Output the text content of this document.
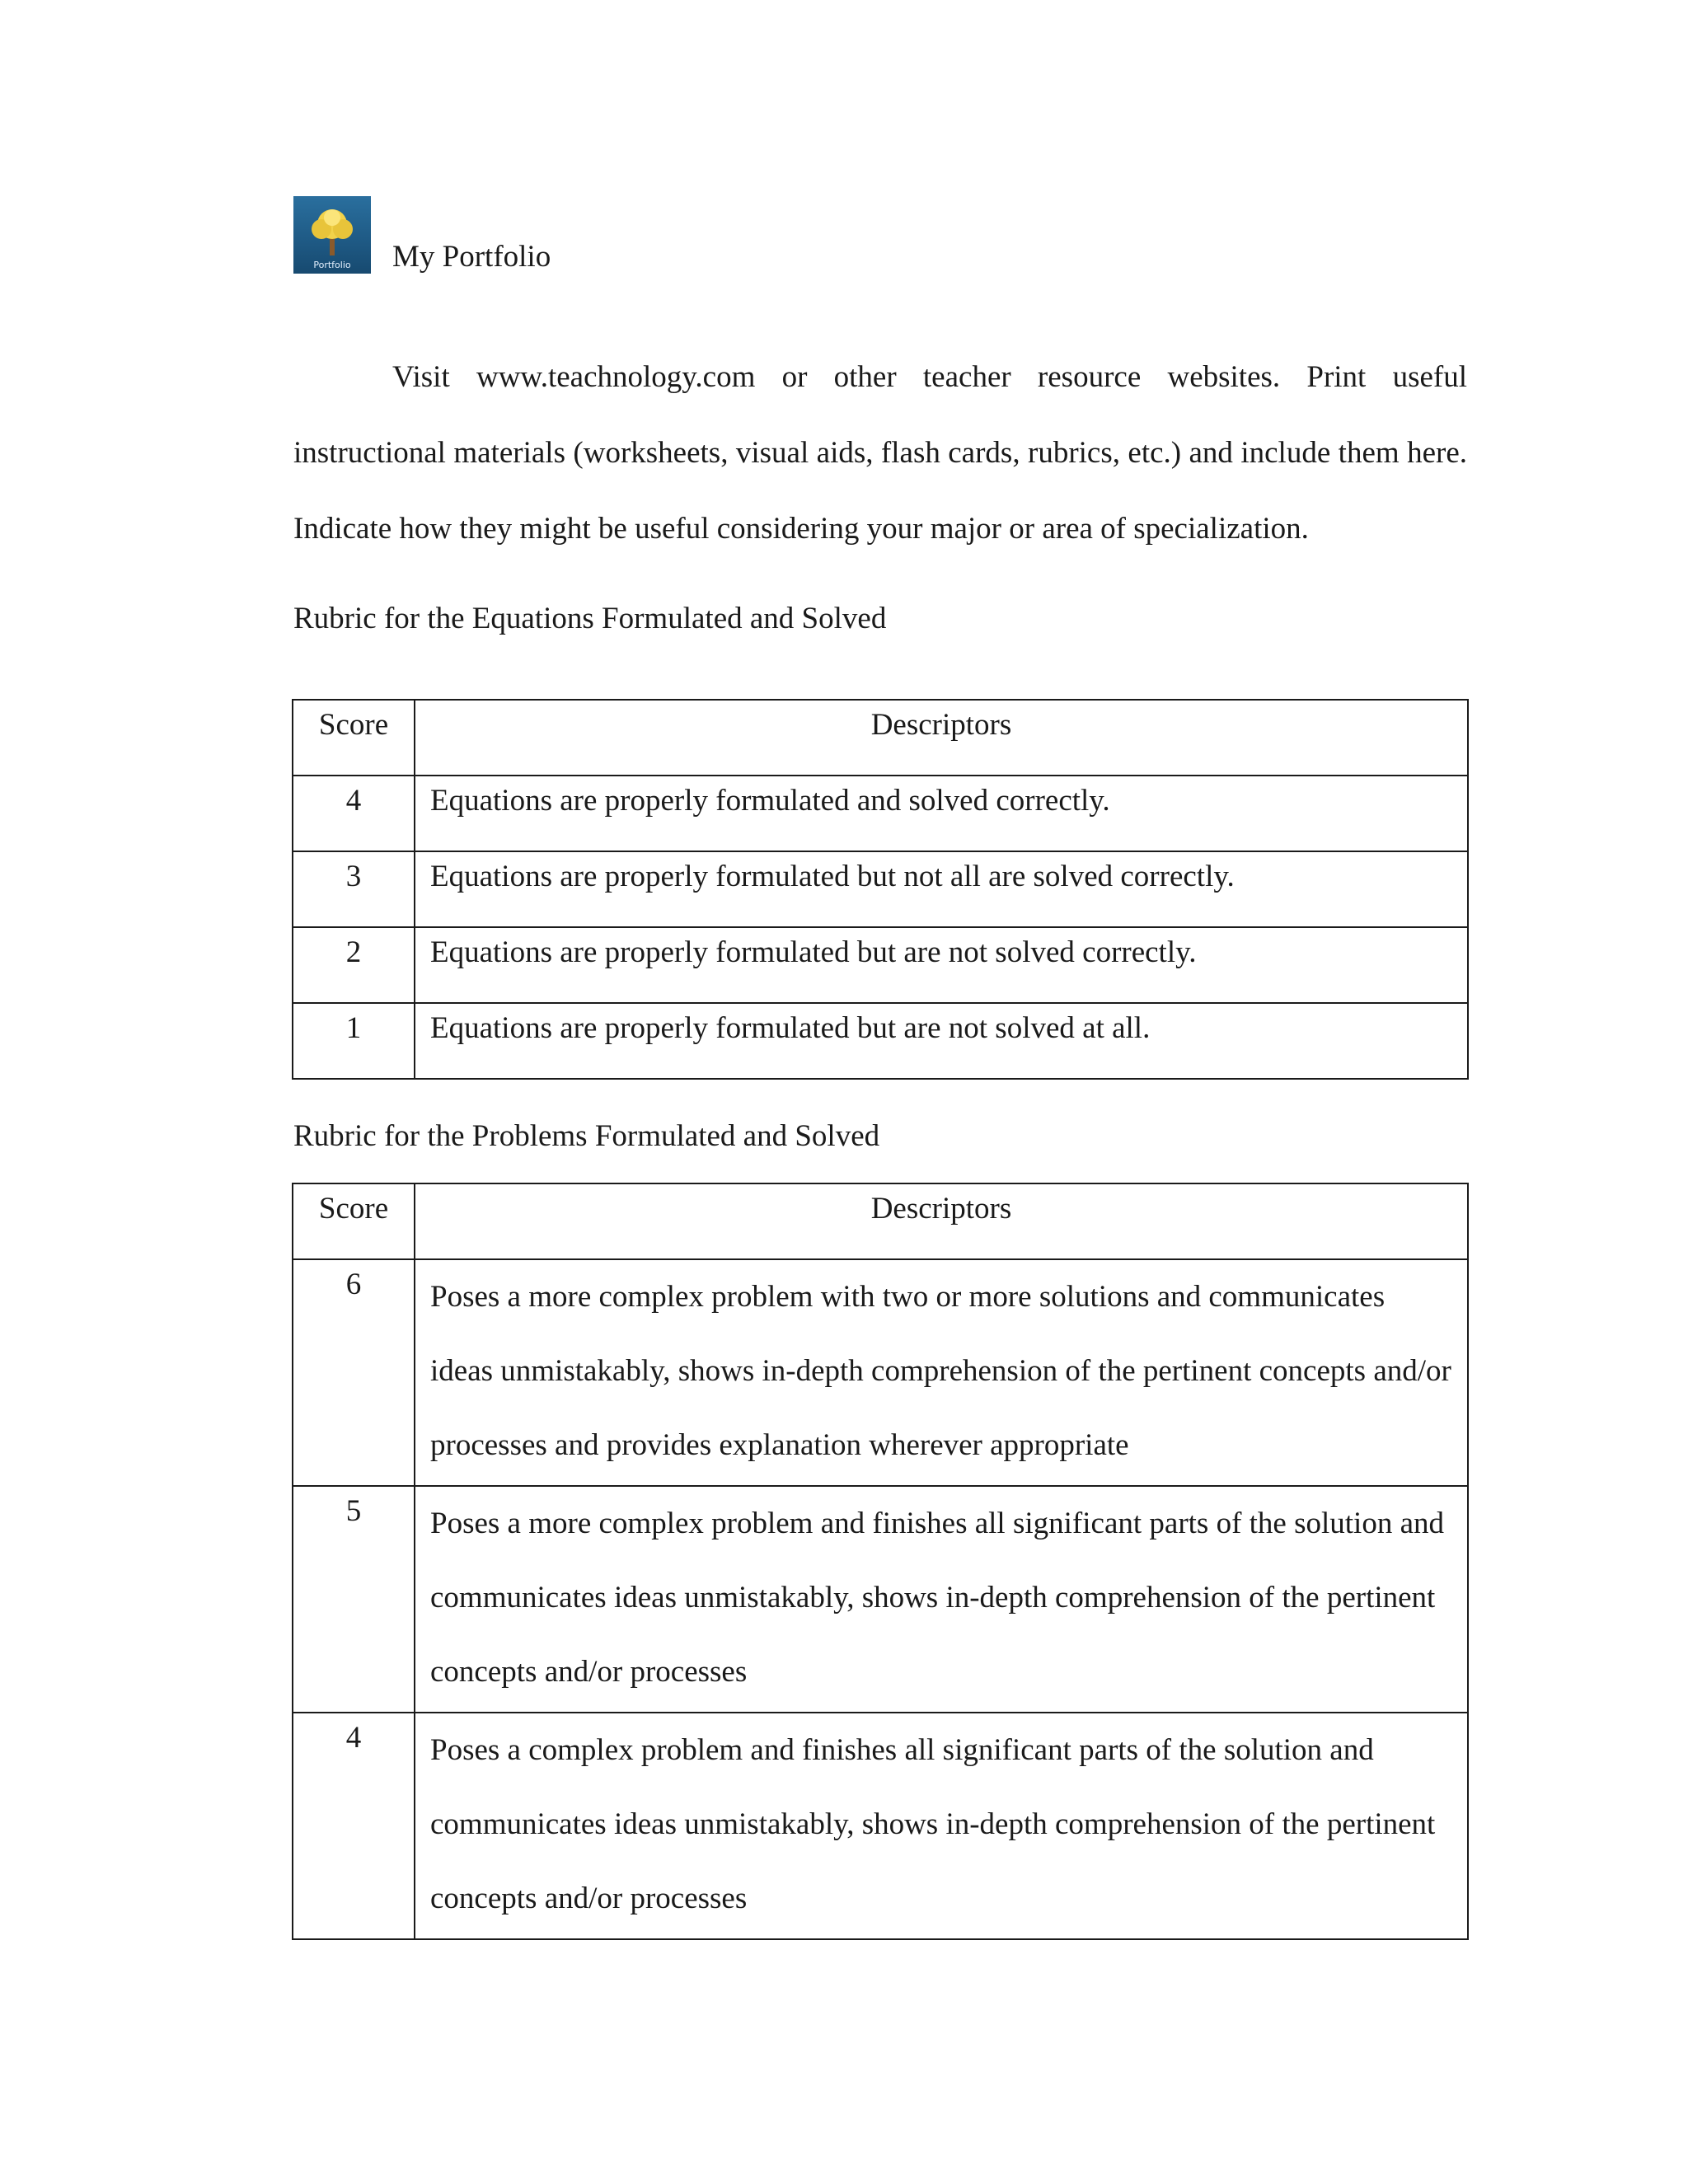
Portfolio	My Portfolio

Visit www.teachnology.com or other teacher resource websites. Print useful instructional materials (worksheets, visual aids, flash cards, rubrics, etc.) and include them here. Indicate how they might be useful considering your major or area of specialization.

Rubric for the Equations Formulated and Solved
Score	Descriptors
4	Equations are properly formulated and solved correctly.
3	Equations are properly formulated but not all are solved correctly.
2	Equations are properly formulated but are not solved correctly.
1	Equations are properly formulated but are not solved at all.
Rubric for the Problems Formulated and Solved
Score	Descriptors
6	Poses a more complex problem with two or more solutions and communicates ideas unmistakably, shows in-depth comprehension of the pertinent concepts and/or processes and provides explanation wherever appropriate
5	Poses a more complex problem and finishes all significant parts of the solution and communicates ideas unmistakably, shows in-depth comprehension of the pertinent concepts and/or processes
4	Poses a complex problem and finishes all significant parts of the solution and communicates ideas unmistakably, shows in-depth comprehension of the pertinent concepts and/or processes
